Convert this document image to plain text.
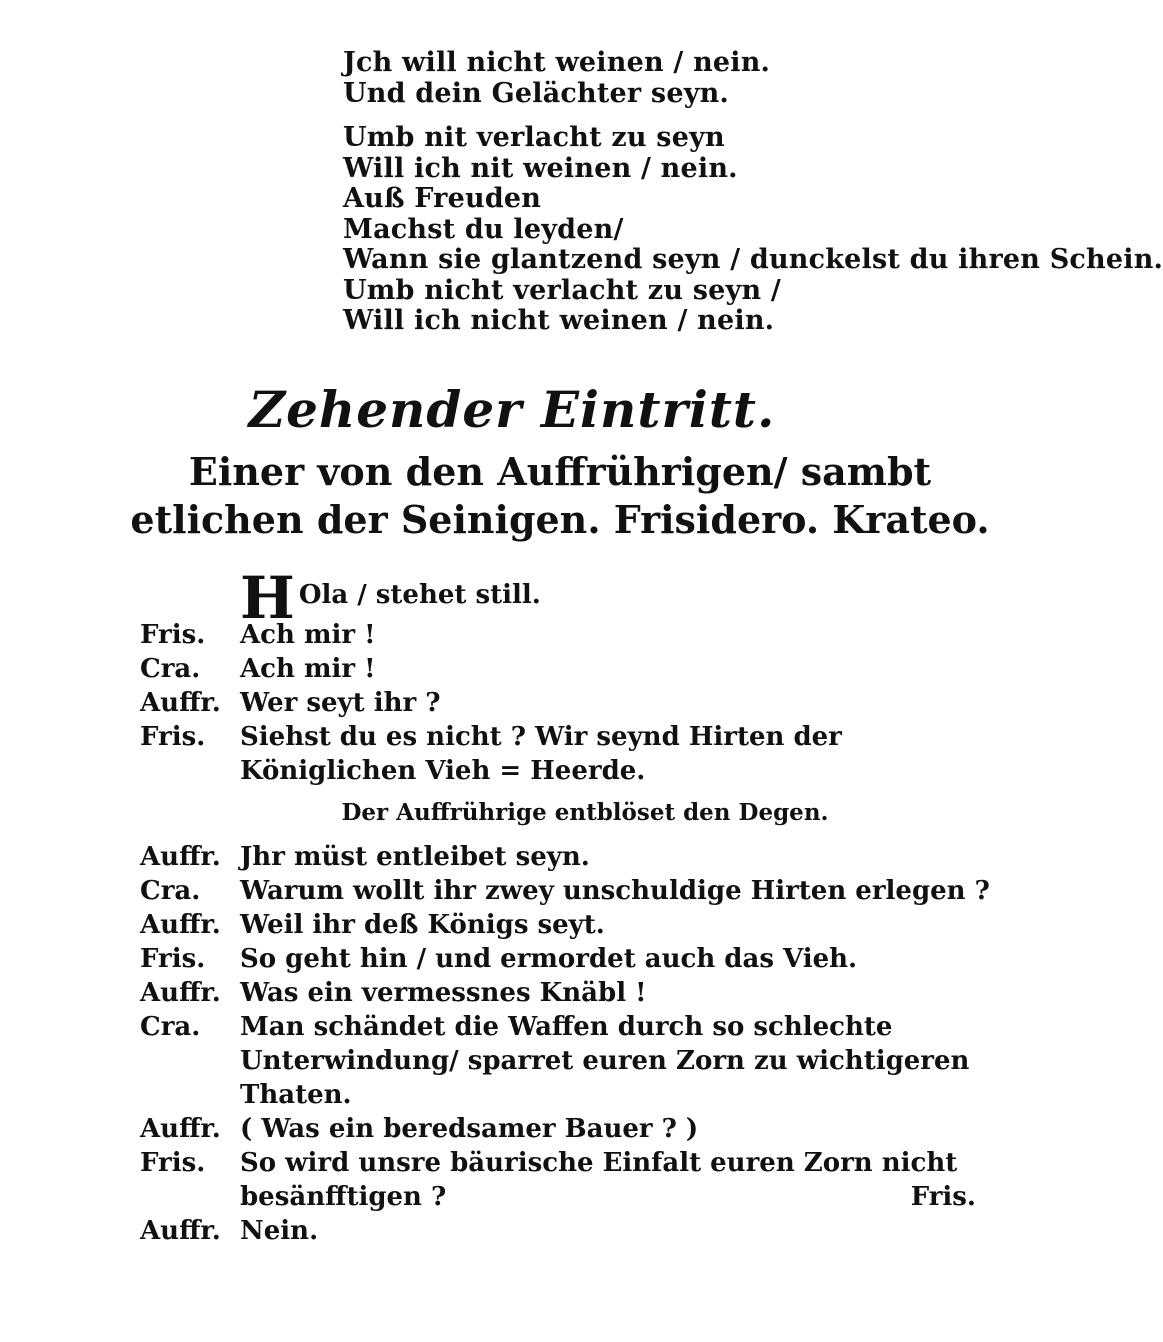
Jch will nicht weinen / nein.
Und dein Gelächter seyn.
Umb nit verlacht zu seyn
Will ich nit weinen / nein.
Auß Freuden
Machst du leyden/
Wann sie glantzend seyn / dunckelst du ihren Schein.
Umb nicht verlacht zu seyn /
Will ich nicht weinen / nein.
Zehender Eintritt.
Einer von den Auffrührigen/ sambt etlichen der Seinigen. Frisidero. Krateo.
H Ola / stehet still.
Fris.	Ach mir !
Cra.	Ach mir !
Auffr. Wer seyt ihr ?
Fris.	Siehst du es nicht ? Wir seynd Hirten der Königlichen Vieh = Heerde.
Der Auffrührige entblöset den Degen.
Auffr. Jhr müst entleibet seyn.
Cra.	Warum wollt ihr zwey unschuldige Hirten erlegen ?
Auffr. Weil ihr deß Königs seyt.
Fris.	So geht hin / und ermordet auch das Vieh.
Auffr. Was ein vermessnes Knäbl !
Cra.	Man schändet die Waffen durch so schlechte Unterwindung/ sparret euren Zorn zu wichtigeren Thaten.
Auffr. ( Was ein beredsamer Bauer ? )
Fris.	So wird unsre bäurische Einfalt euren Zorn nicht besänfftigen ?
Auffr. Nein.
Fris.
